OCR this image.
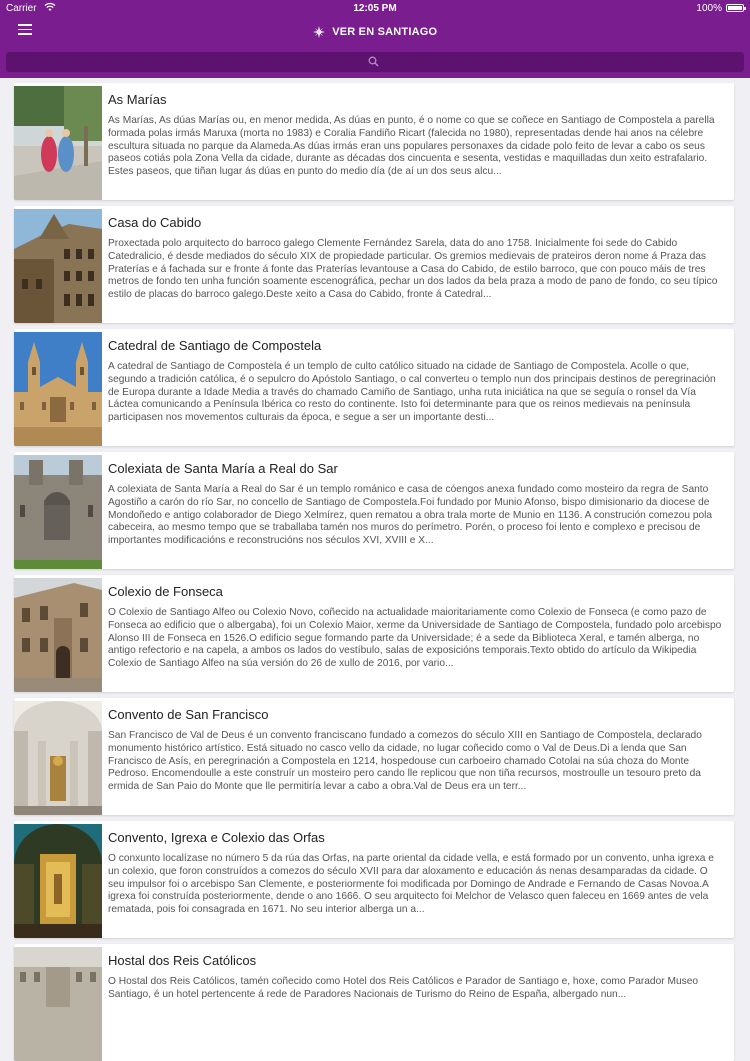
Carrier	12:05 PM	100%
VER EN SANTIAGO
As Marías
As Marías, As dúas Marías ou, en menor medida, As dúas en punto, é o nome co que se coñece en Santiago de Compostela a parella formada polas irmás Maruxa (morta no 1983) e Coralia Fandiño Ricart (falecida no 1980), representadas dende hai anos na célebre escultura situada no parque da Alameda.As dúas irmás eran uns populares personaxes da cidade polo feito de levar a cabo os seus paseos cotiás pola Zona Vella da cidade, durante as décadas dos cincuenta e sesenta, vestidas e maquilladas dun xeito estrafalario. Estes paseos, que tiñan lugar ás dúas en punto do medio día (de aí un dos seus alcu...
Casa do Cabido
Proxectada polo arquitecto do barroco galego Clemente Fernández Sarela, data do ano 1758. Inicialmente foi sede do Cabido Catedralicio, é desde mediados do século XIX de propiedade particular. Os gremios medievais de prateiros deron nome á Praza das Praterías e á fachada sur e fronte á fonte das Praterías levantouse a Casa do Cabido, de estilo barroco, que con pouco máis de tres metros de fondo ten unha función soamente escenográfica, pechar un dos lados da bela praza a modo de pano de fondo, co seu típico estilo de placas do barroco galego.Deste xeito a Casa do Cabido, fronte á Catedral...
Catedral de Santiago de Compostela
A catedral de Santiago de Compostela é un templo de culto católico situado na cidade de Santiago de Compostela. Acolle o que, segundo a tradición católica, é o sepulcro do Apóstolo Santiago, o cal converteu o templo nun dos principais destinos de peregrinación de Europa durante a Idade Media a través do chamado Camiño de Santiago, unha ruta iniciática na que se seguía o ronsel da Vía Láctea comunicando a Península Ibérica co resto do continente. Isto foi determinante para que os reinos medievais na península participasen nos movementos culturais da época, e segue a ser un importante desti...
Colexiata de Santa María a Real do Sar
A colexiata de Santa María a Real do Sar é un templo románico e casa de cóengos anexa fundado como mosteiro da regra de Santo Agostiño a carón do río Sar, no concello de Santiago de Compostela.Foi fundado por Munio Afonso, bispo dimisionario da diocese de Mondoñedo e antigo colaborador de Diego Xelmírez, quen rematou a obra trala morte de Munio en 1136. A construción comezou pola cabeceira, ao mesmo tempo que se traballaba tamén nos muros do perímetro. Porén, o proceso foi lento e complexo e precisou de importantes modificacións e reconstrucións nos séculos XVI, XVIII e X...
Colexio de Fonseca
O Colexio de Santiago Alfeo ou Colexio Novo, coñecido na actualidade maioritariamente como Colexio de Fonseca (e como pazo de Fonseca ao edificio que o albergaba), foi un Colexio Maior, xerme da Universidade de Santiago de Compostela, fundado polo arcebispo Alonso III de Fonseca en 1526.O edificio segue formando parte da Universidade; é a sede da Biblioteca Xeral, e tamén alberga, no antigo refectorio e na capela, a ambos os lados do vestíbulo, salas de exposicións temporais.Texto obtido do artículo da Wikipedia Colexio de Santiago Alfeo na súa versión do 26 de xullo de 2016, por vario...
Convento de San Francisco
San Francisco de Val de Deus é un convento franciscano fundado a comezos do século XIII en Santiago de Compostela, declarado monumento histórico artístico. Está situado no casco vello da cidade, no lugar coñecido como o Val de Deus.Di a lenda que San Francisco de Asís, en peregrinación a Compostela en 1214, hospedouse cun carboeiro chamado Cotolai na súa choza do Monte Pedroso. Encomendoulle a este construír un mosteiro pero cando lle replicou que non tiña recursos, mostroulle un tesouro preto da ermida de San Paio do Monte que lle permitiría levar a cabo a obra.Val de Deus era un terr...
Convento, Igrexa e Colexio das Orfas
O conxunto localízase no número 5 da rúa das Orfas, na parte oriental da cidade vella, e está formado por un convento, unha igrexa e un colexio, que foron construídos a comezos do século XVII para dar aloxamento e educación ás nenas desamparadas da cidade. O seu impulsor foi o arcebispo San Clemente, e posteriormente foi modificada por Domingo de Andrade e Fernando de Casas Novoa.A igrexa foi construída posteriormente, dende o ano 1666. O seu arquitecto foi Melchor de Velasco quen faleceu en 1669 antes de vela rematada, pois foi consagrada en 1671. No seu interior alberga un a...
Hostal dos Reis Católicos
O Hostal dos Reis Católicos, tamén coñecido como Hotel dos Reis Católicos e Parador de Santiago e, hoxe, como Parador Museo Santiago, é un hotel pertencente á rede de Paradores Nacionais de Turismo do Reino de España, albergado nun...
